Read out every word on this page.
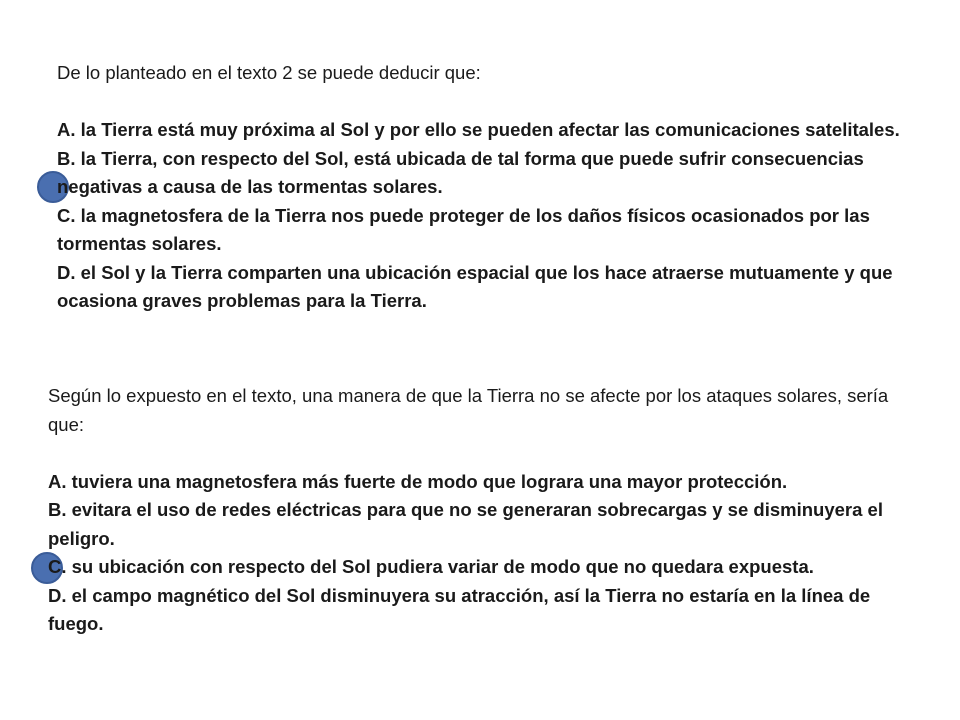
De lo planteado en el texto 2 se puede deducir que:
A. la Tierra está muy próxima al Sol y por ello se pueden afectar las comunicaciones satelitales.
B. la Tierra, con respecto del Sol, está ubicada de tal forma que puede sufrir consecuencias negativas a causa de las tormentas solares.
C. la magnetosfera de la Tierra nos puede proteger de los daños físicos ocasionados por las tormentas solares.
D. el Sol y la Tierra comparten una ubicación espacial que los hace atraerse mutuamente y que ocasiona graves problemas para la Tierra.
Según lo expuesto en el texto, una manera de que la Tierra no se afecte por los ataques solares, sería que:
A. tuviera una magnetosfera más fuerte de modo que lograra una mayor protección.
B. evitara el uso de redes eléctricas para que no se generaran sobrecargas y se disminuyera el peligro.
C. su ubicación con respecto del Sol pudiera variar de modo que no quedara expuesta.
D. el campo magnético del Sol disminuyera su atracción, así la Tierra no estaría en la línea de fuego.
